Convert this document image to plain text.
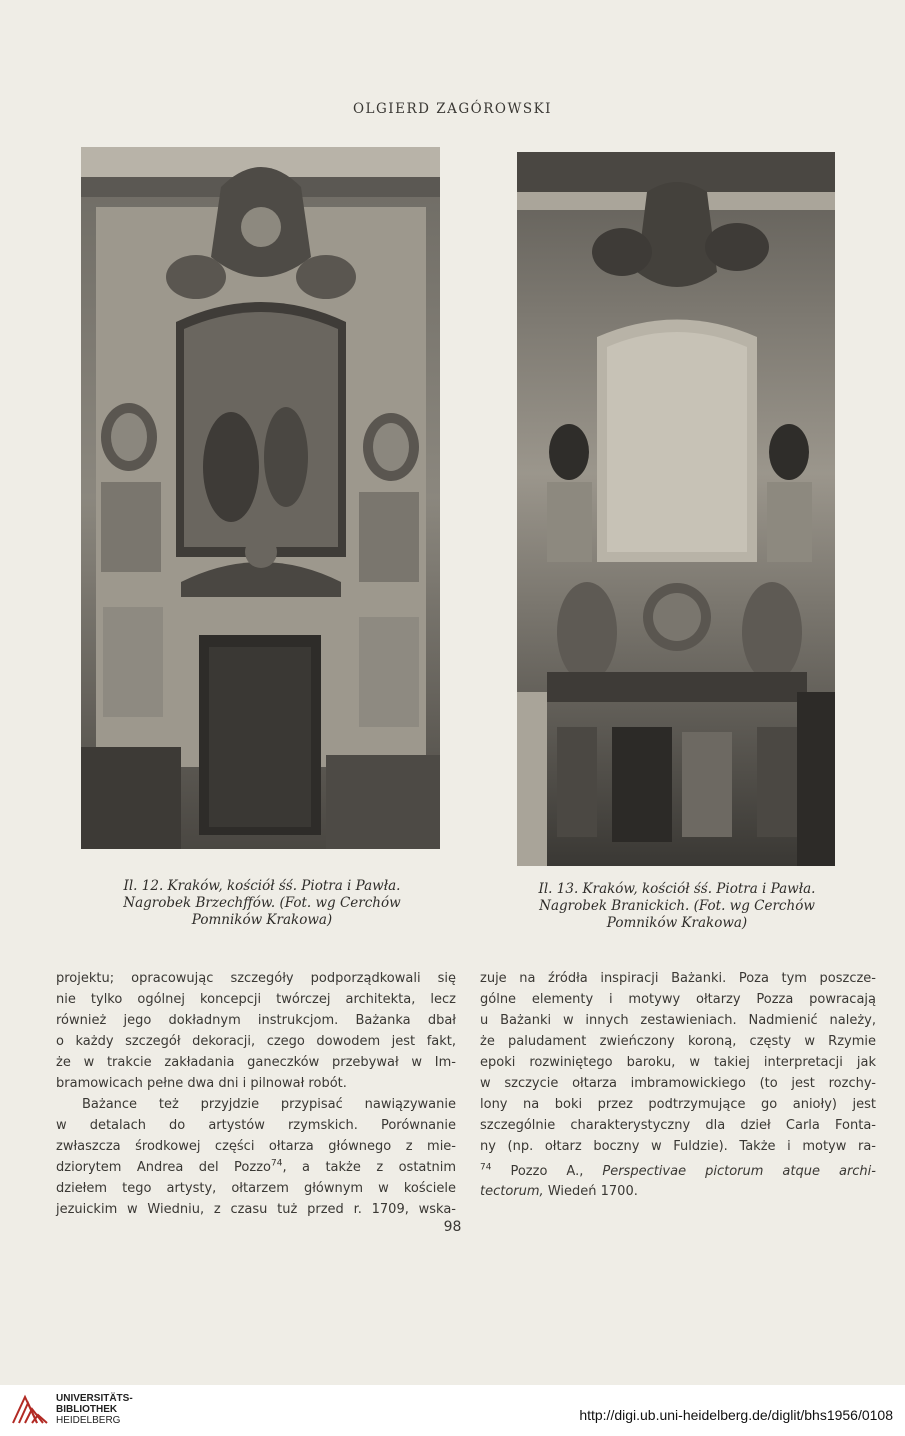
OLGIERD ZAGÓROWSKI
Il. 12. Kraków, kościół śś. Piotra i Pawła.
Nagrobek Brzechffów. (Fot. wg Cerchów
Pomników Krakowa)
Il. 13. Kraków, kościół śś. Piotra i Pawła.
Nagrobek Branickich. (Fot. wg Cerchów
Pomników Krakowa)

projektu; opracowując szczegóły podporządkowali się

nie tylko ogólnej koncepcji twórczej architekta, lecz

również jego dokładnym instrukcjom. Bażanka dbał

o każdy szczegół dekoracji, czego dowodem jest fakt,

że w trakcie zakładania ganeczków przebywał w Im-

bramowicach pełne dwa dni i pilnował robót.

Bażance też przyjdzie przypisać nawiązywanie

w detalach do artystów rzymskich. Porównanie

zwłaszcza środkowej części ołtarza głównego z mie-

dziorytem Andrea del Pozzo$^{74}$, a także z ostatnim

dziełem tego artysty, ołtarzem głównym w kościele

jezuickim w Wiedniu, z czasu tuż przed r. 1709, wska-

zuje na źródła inspiracji Bażanki. Poza tym poszcze-

gólne elementy i motywy ołtarzy Pozza powracają

u Bażanki w innych zestawieniach. Nadmienić należy,

że paludament zwieńczony koroną, częsty w Rzymie

epoki rozwiniętego baroku, w takiej interpretacji jak

w szczycie ołtarza imbramowickiego (to jest rozchy-

lony na boki przez podtrzymujące go anioły) jest

szczególnie charakterystyczny dla dzieł Carla Fonta-

ny (np. ołtarz boczny w Fuldzie). Także i motyw ra-

$^{74}$ Pozzo A., Perspectivae pictorum atque archi-
tectorum, Wiedeń 1700.
98
UNIVERSITÄTS-
BIBLIOTHEK
HEIDELBERG	http://digi.ub.uni-heidelberg.de/diglit/bhs1956/0108
